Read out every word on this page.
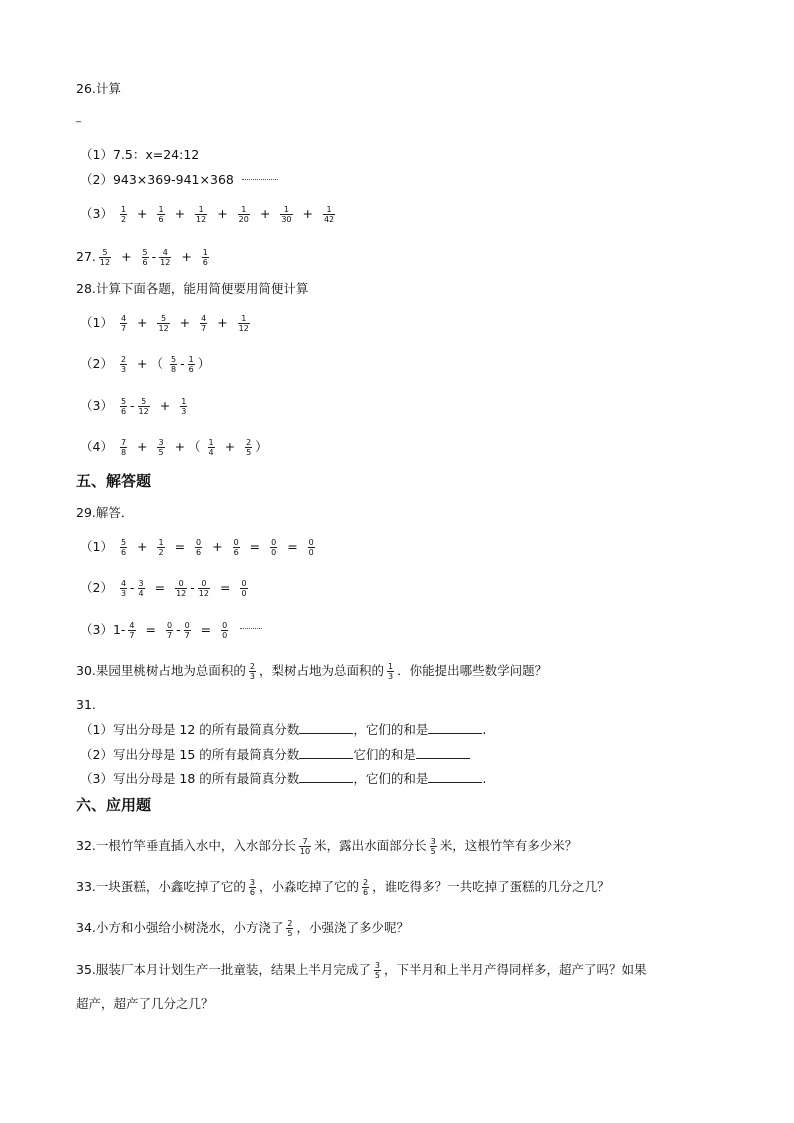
26.计算
_
（1）7.5：x=24:12
（2）943×369-941×368
$(3) \frac{1}{2} + \frac{1}{6} + \frac{1}{12} + \frac{1}{20} + \frac{1}{30} + \frac{1}{42}$
27. $\frac{5}{12} + \frac{5}{6} - \frac{4}{12} + \frac{1}{6}$
28.计算下面各题，能用简便要用简便计算
$(1) \frac{4}{7} + \frac{5}{12} + \frac{4}{7} + \frac{1}{12}$
$(2) \frac{2}{3}$ + （ $\frac{5}{8} - \frac{1}{6}$ ）
$(3) \frac{5}{6} - \frac{5}{12} + \frac{1}{3}$
$(4) \frac{7}{8} + \frac{3}{5}$ + （ $\frac{1}{4} + \frac{2}{5}$ ）
五、解答题
29.解答．
$(1) \frac{5}{6} + \frac{1}{2} = \frac{0}{6} + \frac{0}{6} = \frac{0}{0} = \frac{0}{0}$
$(2) \frac{4}{3} - \frac{3}{4} = \frac{0}{12} - \frac{0}{12} = \frac{0}{0}$
$(3)1- \frac{4}{7} = \frac{0}{7} - \frac{0}{7} = \frac{0}{0}$
30.果园里桃树占地为总面积的 $\frac{2}{3}$ ，梨树占地为总面积的 $\frac{1}{3}$ ．你能提出哪些数学问题？
31.
（1）写出分母是 12 的所有最简真分数	，它们的和是	.
（2）写出分母是 15 的所有最简真分数	它们的和是
（3）写出分母是 18 的所有最简真分数	，它们的和是	.
六、应用题
32.一根竹竿垂直插入水中，入水部分长 $\frac{7}{10}$ 米，露出水面部分长 $\frac{3}{5}$ 米，这根竹竿有多少米？
33.一块蛋糕，小鑫吃掉了它的 $\frac{3}{6}$ ，小淼吃掉了它的 $\frac{2}{6}$ ，谁吃得多？一共吃掉了蛋糕的几分之几？
34.小方和小强给小树浇水，小方浇了 $\frac{2}{5}$ ，小强浇了多少呢？
35.服装厂本月计划生产一批童装，结果上半月完成了 $\frac{3}{5}$ ，下半月和上半月产得同样多，超产了吗？如果
超产，超产了几分之几？
